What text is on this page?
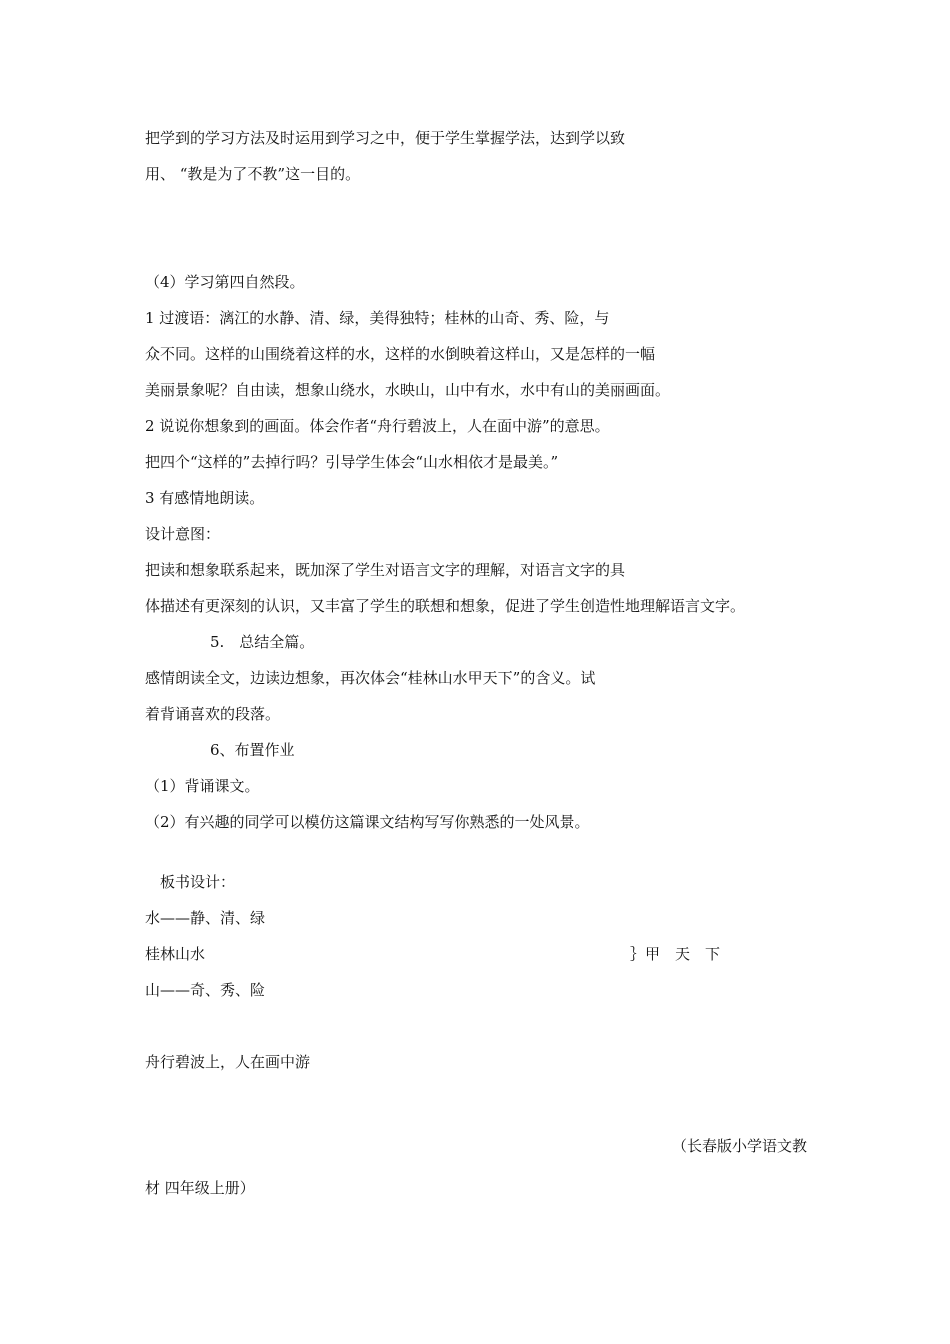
把学到的学习方法及时运用到学习之中，便于学生掌握学法，达到学以致
用、 “教是为了不教”这一目的。
（4）学习第四自然段。
1 过渡语：漓江的水静、清、绿，美得独特；桂林的山奇、秀、险，与
众不同。这样的山围绕着这样的水，这样的水倒映着这样山，又是怎样的一幅
美丽景象呢？自由读，想象山绕水，水映山，山中有水，水中有山的美丽画面。
2 说说你想象到的画面。体会作者“舟行碧波上，人在面中游”的意思。
把四个“这样的”去掉行吗？引导学生体会“山水相依才是最美。”
3 有感情地朗读。
设计意图：
把读和想象联系起来，既加深了学生对语言文字的理解，对语言文字的具
体描述有更深刻的认识，又丰富了学生的联想和想象，促进了学生创造性地理解语言文字。
5.　总结全篇。
感情朗读全文，边读边想象，再次体会“桂林山水甲天下”的含义。试
着背诵喜欢的段落。
6、布置作业
（1）背诵课文。
（2）有兴趣的同学可以模仿这篇课文结构写写你熟悉的一处风景。
板书设计：
水——静、清、绿
桂林山水	｝甲　天　下
山——奇、秀、险
舟行碧波上，人在画中游
（长春版小学语文教
材 四年级上册）
